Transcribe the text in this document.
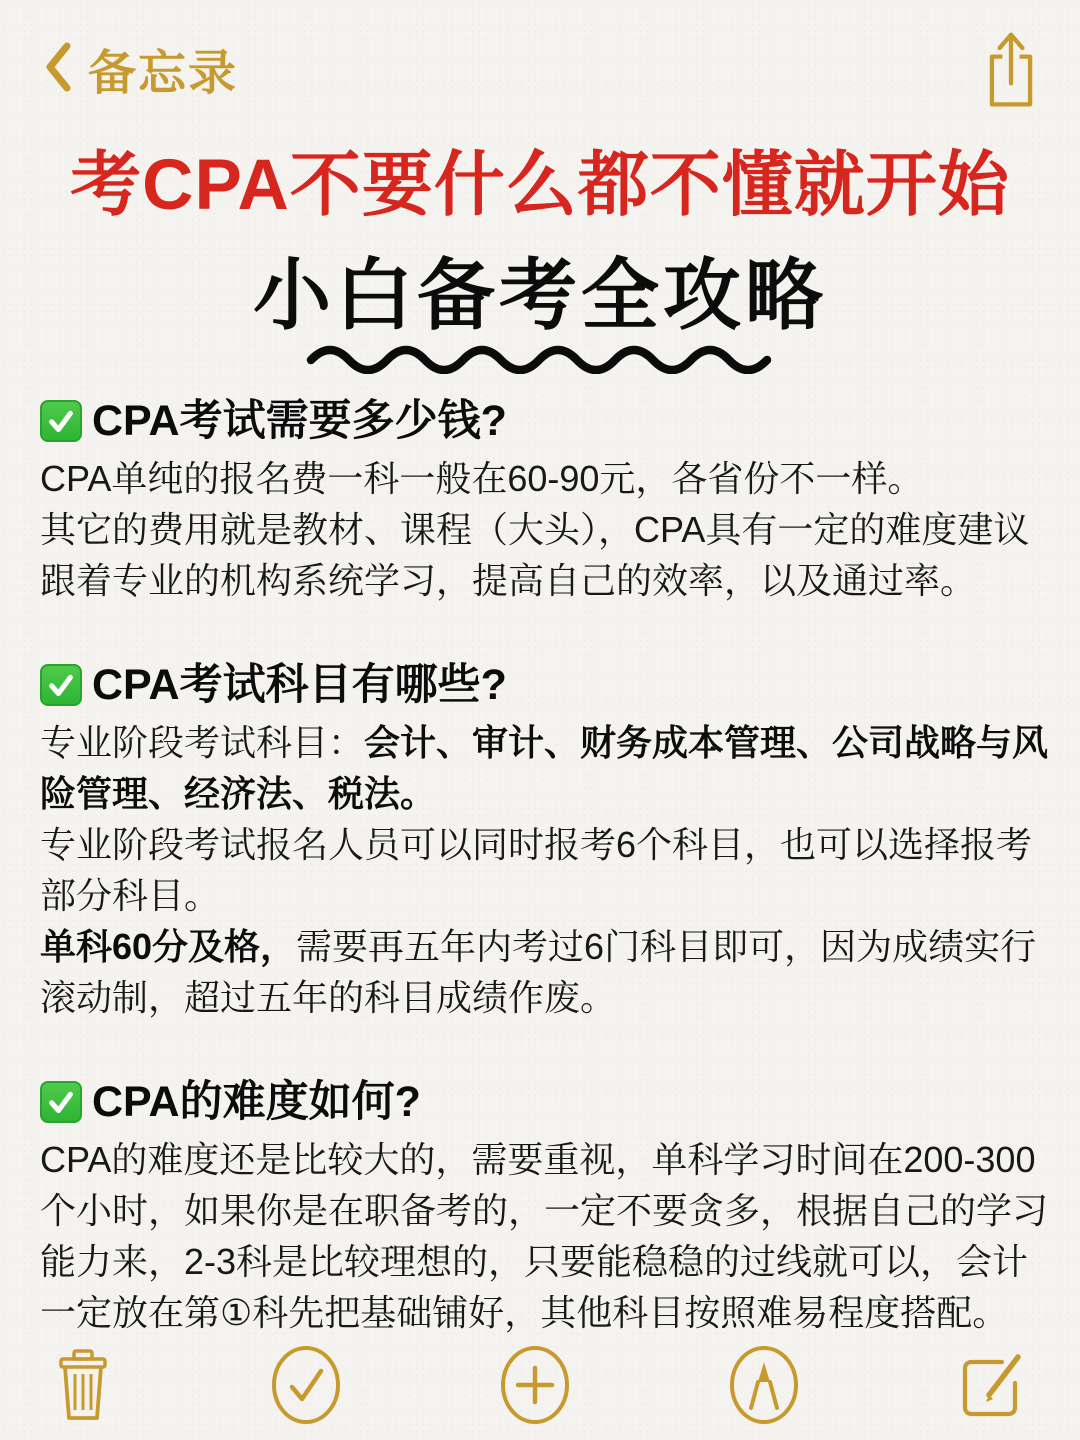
备忘录
考CPA不要什么都不懂就开始
小白备考全攻略
CPA考试需要多少钱?
CPA单纯的报名费一科一般在60-90元，各省份不一样。
其它的费用就是教材、课程（大头），CPA具有一定的难度建议
跟着专业的机构系统学习，提高自己的效率，以及通过率。
CPA考试科目有哪些?
专业阶段考试科目：会计、审计、财务成本管理、公司战略与风
险管理、经济法、税法。
专业阶段考试报名人员可以同时报考6个科目，也可以选择报考
部分科目。
单科60分及格，需要再五年内考过6门科目即可，因为成绩实行
滚动制，超过五年的科目成绩作废。
CPA的难度如何?
CPA的难度还是比较大的，需要重视，单科学习时间在200-300
个小时，如果你是在职备考的，一定不要贪多，根据自己的学习
能力来，2-3科是比较理想的，只要能稳稳的过线就可以，会计
一定放在第①科先把基础铺好，其他科目按照难易程度搭配。
